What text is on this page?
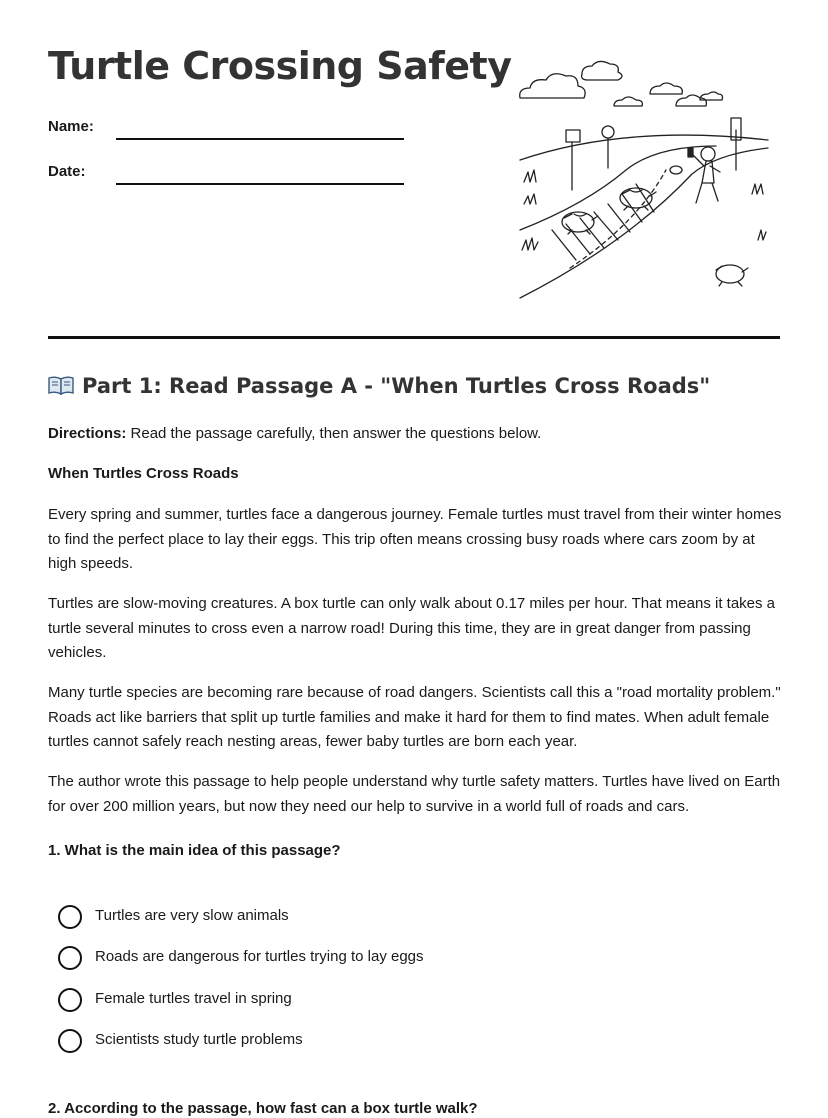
Turtle Crossing Safety
Name:
Date:
Part 1: Read Passage A - "When Turtles Cross Roads"
Directions: Read the passage carefully, then answer the questions below.
When Turtles Cross Roads
Every spring and summer, turtles face a dangerous journey. Female turtles must travel from their winter homes to find the perfect place to lay their eggs. This trip often means crossing busy roads where cars zoom by at high speeds.
Turtles are slow-moving creatures. A box turtle can only walk about 0.17 miles per hour. That means it takes a turtle several minutes to cross even a narrow road! During this time, they are in great danger from passing vehicles.
Many turtle species are becoming rare because of road dangers. Scientists call this a "road mortality problem." Roads act like barriers that split up turtle families and make it hard for them to find mates. When adult female turtles cannot safely reach nesting areas, fewer baby turtles are born each year.
The author wrote this passage to help people understand why turtle safety matters. Turtles have lived on Earth for over 200 million years, but now they need our help to survive in a world full of roads and cars.
1. What is the main idea of this passage?
Turtles are very slow animals
Roads are dangerous for turtles trying to lay eggs
Female turtles travel in spring
Scientists study turtle problems
2. According to the passage, how fast can a box turtle walk?
